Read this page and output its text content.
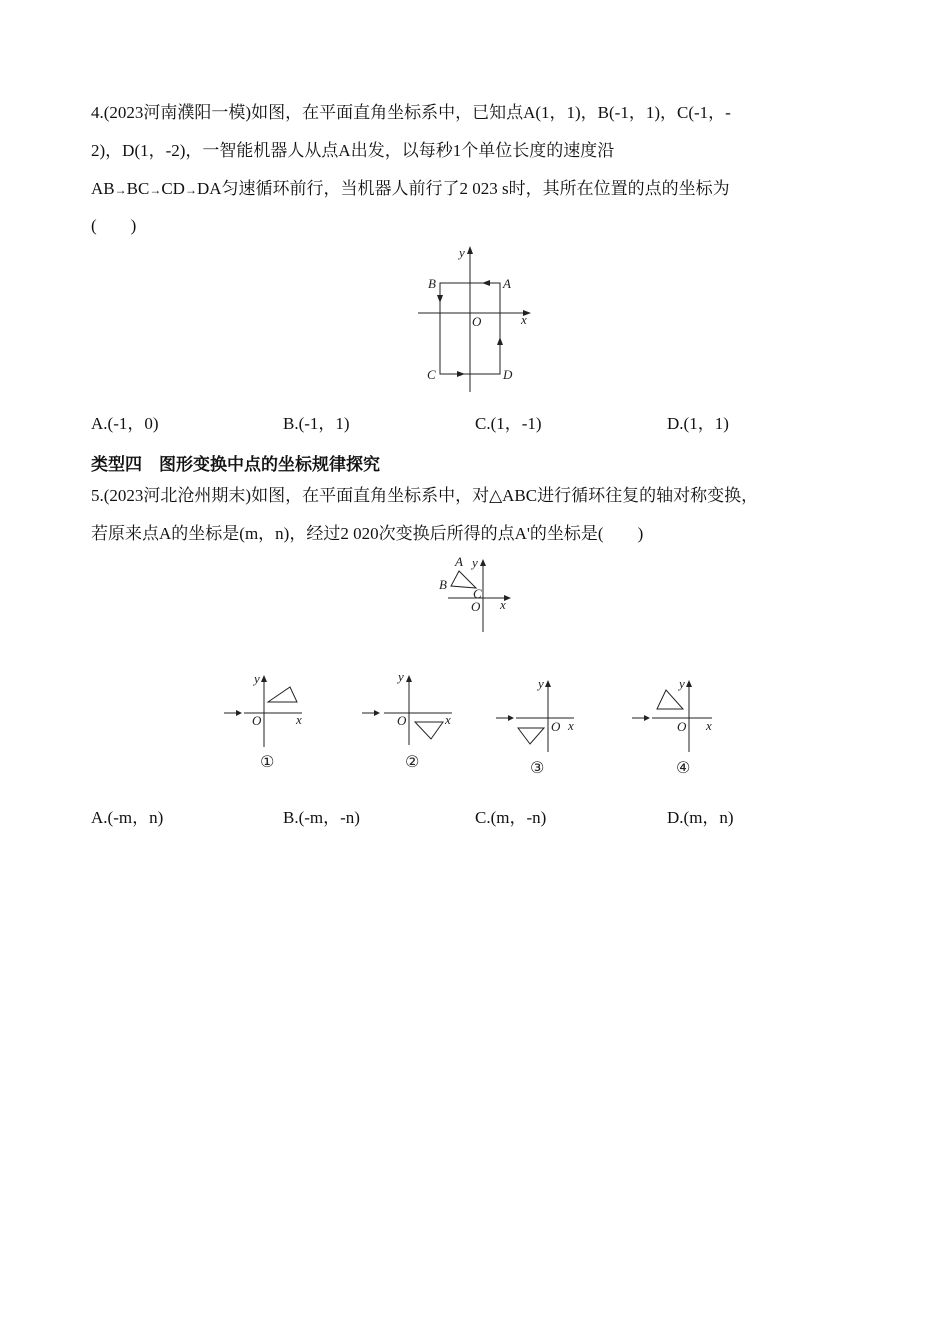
4.(2023河南濮阳一模)如图，在平面直角坐标系中，已知点A(1，1)，B(-1，1)，C(-1，-
2)，D(1，-2)，一智能机器人从点A出发，以每秒1个单位长度的速度沿
AB→BC→CD→DA匀速循环前行，当机器人前行了2 023 s时，其所在位置的点的坐标为
(　　)
y
A
B
O	x
C	D
A.(-1，0)	B.(-1，1)	C.(1，-1)	D.(1，1)
类型四　图形变换中点的坐标规律探究
5.(2023河北沧州期末)如图，在平面直角坐标系中，对△ABC进行循环往复的轴对称变换，
若原来点A的坐标是(m，n)，经过2 020次变换后所得的点A'的坐标是(　　)
A y
B
C
O x
y
O	x
①
y
O	x
②
y
O x
③
y
O x
④
A.(-m，n)	B.(-m，-n)	C.(m，-n)	D.(m，n)
